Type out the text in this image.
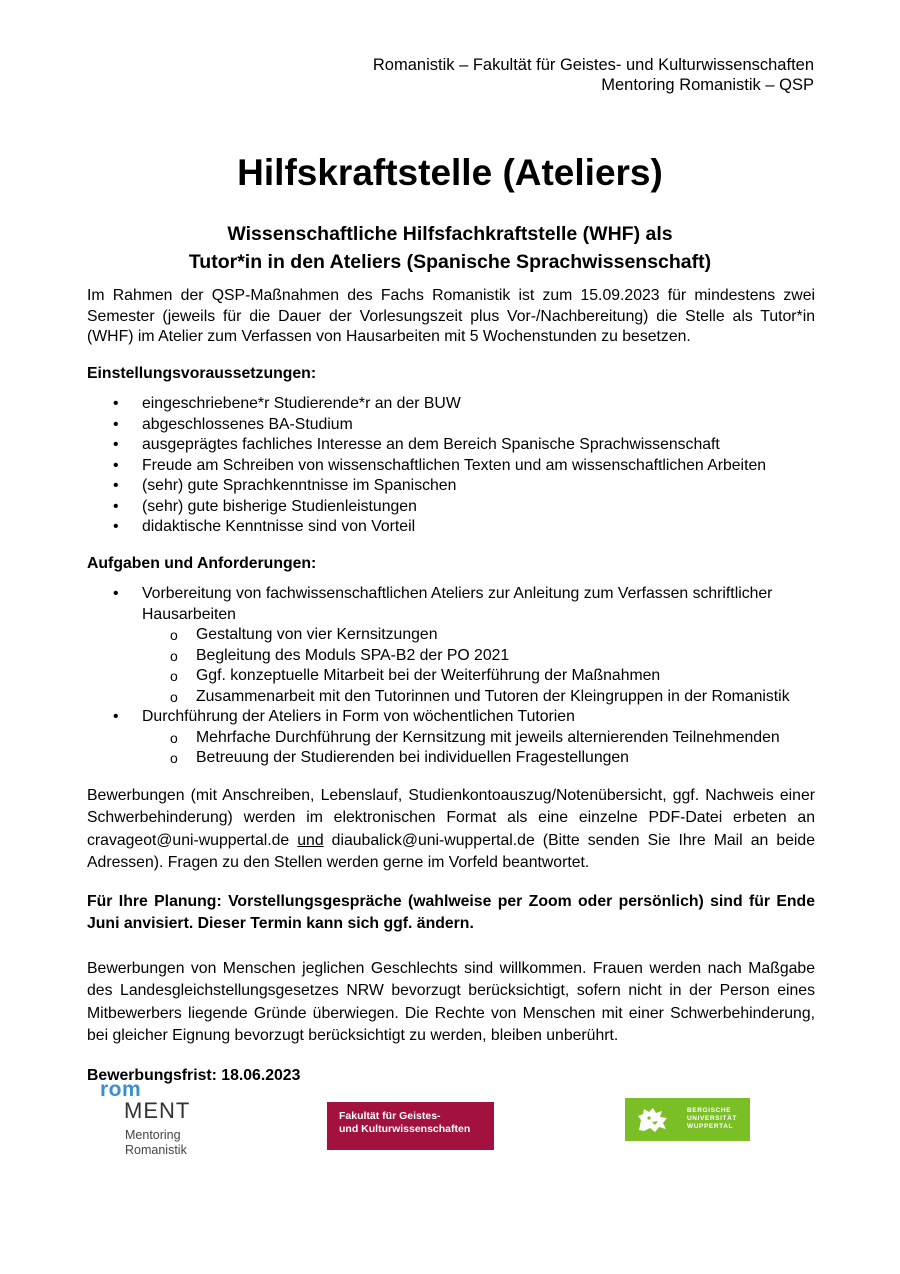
Romanistik – Fakultät für Geistes- und Kulturwissenschaften
Mentoring Romanistik – QSP
Hilfskraftstelle (Ateliers)
Wissenschaftliche Hilfsfachkraftstelle (WHF) als
Tutor*in in den Ateliers (Spanische Sprachwissenschaft)

Im Rahmen der QSP-Maßnahmen des Fachs Romanistik ist zum 15.09.2023 für mindestens zwei Semester (jeweils für die Dauer der Vorlesungszeit plus Vor-/Nachbereitung) die Stelle als Tutor*in (WHF) im Atelier zum Verfassen von Hausarbeiten mit 5 Wochenstunden zu besetzen.

Einstellungsvoraussetzungen:

• eingeschriebene*r Studierende*r an der BUW
• abgeschlossenes BA-Studium
• ausgeprägtes fachliches Interesse an dem Bereich Spanische Sprachwissenschaft
• Freude am Schreiben von wissenschaftlichen Texten und am wissenschaftlichen Arbeiten
• (sehr) gute Sprachkenntnisse im Spanischen
• (sehr) gute bisherige Studienleistungen
• didaktische Kenntnisse sind von Vorteil

Aufgaben und Anforderungen:

• Vorbereitung von fachwissenschaftlichen Ateliers zur Anleitung zum Verfassen schriftlicher Hausarbeiten
o Gestaltung von vier Kernsitzungen
o Begleitung des Moduls SPA-B2 der PO 2021
o Ggf. konzeptuelle Mitarbeit bei der Weiterführung der Maßnahmen
o Zusammenarbeit mit den Tutorinnen und Tutoren der Kleingruppen in der Romanistik
• Durchführung der Ateliers in Form von wöchentlichen Tutorien
o Mehrfache Durchführung der Kernsitzung mit jeweils alternierenden Teilnehmenden
o Betreuung der Studierenden bei individuellen Fragestellungen

Bewerbungen (mit Anschreiben, Lebenslauf, Studienkontoauszug/Notenübersicht, ggf. Nachweis einer Schwerbehinderung) werden im elektronischen Format als eine einzelne PDF-Datei erbeten an cravageot@uni-wuppertal.de und diaubalick@uni-wuppertal.de (Bitte senden Sie Ihre Mail an beide Adressen). Fragen zu den Stellen werden gerne im Vorfeld beantwortet.

Für Ihre Planung: Vorstellungsgespräche (wahlweise per Zoom oder persönlich) sind für Ende Juni anvisiert. Dieser Termin kann sich ggf. ändern.

Bewerbungen von Menschen jeglichen Geschlechts sind willkommen. Frauen werden nach Maßgabe des Landesgleichstellungsgesetzes NRW bevorzugt berücksichtigt, sofern nicht in der Person eines Mitbewerbers liegende Gründe überwiegen. Die Rechte von Menschen mit einer Schwerbehinderung, bei gleicher Eignung bevorzugt berücksichtigt zu werden, bleiben unberührt.

Bewerbungsfrist: 18.06.2023

rom
MENT
Mentoring
Romanistik
Fakultät für Geistes-
und Kulturwissenschaften
BERGISCHE
UNIVERSITÄT
WUPPERTAL
